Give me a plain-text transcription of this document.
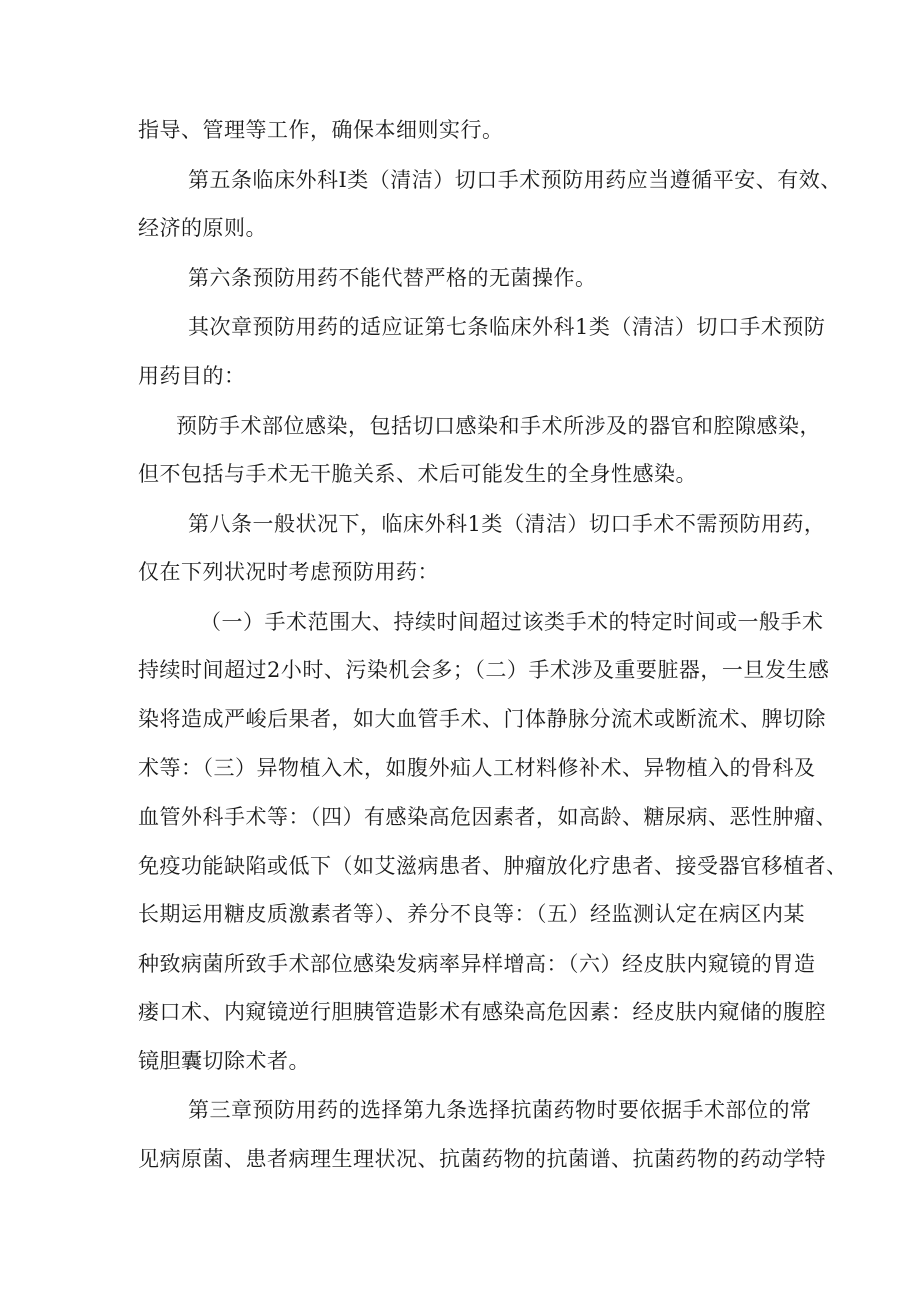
指导、管理等工作，确保本细则实行。
第五条临床外科Ⅰ类（清洁）切口手术预防用药应当遵循平安、有效、
经济的原则。
第六条预防用药不能代替严格的无菌操作。
其次章预防用药的适应证第七条临床外科1类（清洁）切口手术预防
用药目的：
预防手术部位感染，包括切口感染和手术所涉及的器官和腔隙感染，
但不包括与手术无干脆关系、术后可能发生的全身性感染。
第八条一般状况下，临床外科1类（清洁）切口手术不需预防用药，
仅在下列状况时考虑预防用药：
（一）手术范围大、持续时间超过该类手术的特定时间或一般手术
持续时间超过2小时、污染机会多；（二）手术涉及重要脏器，一旦发生感
染将造成严峻后果者，如大血管手术、门体静脉分流术或断流术、脾切除
术等：（三）异物植入术，如腹外疝人工材料修补术、异物植入的骨科及
血管外科手术等：（四）有感染高危因素者，如高龄、糖尿病、恶性肿瘤、
免疫功能缺陷或低下（如艾滋病患者、肿瘤放化疗患者、接受器官移植者、
长期运用糖皮质激素者等）、养分不良等：（五）经监测认定在病区内某
种致病菌所致手术部位感染发病率异样增高：（六）经皮肤内窥镜的胃造
瘘口术、内窥镜逆行胆胰管造影术有感染高危因素：经皮肤内窥储的腹腔
镜胆囊切除术者。
第三章预防用药的选择第九条选择抗菌药物时要依据手术部位的常
见病原菌、患者病理生理状况、抗菌药物的抗菌谱、抗菌药物的药动学特
